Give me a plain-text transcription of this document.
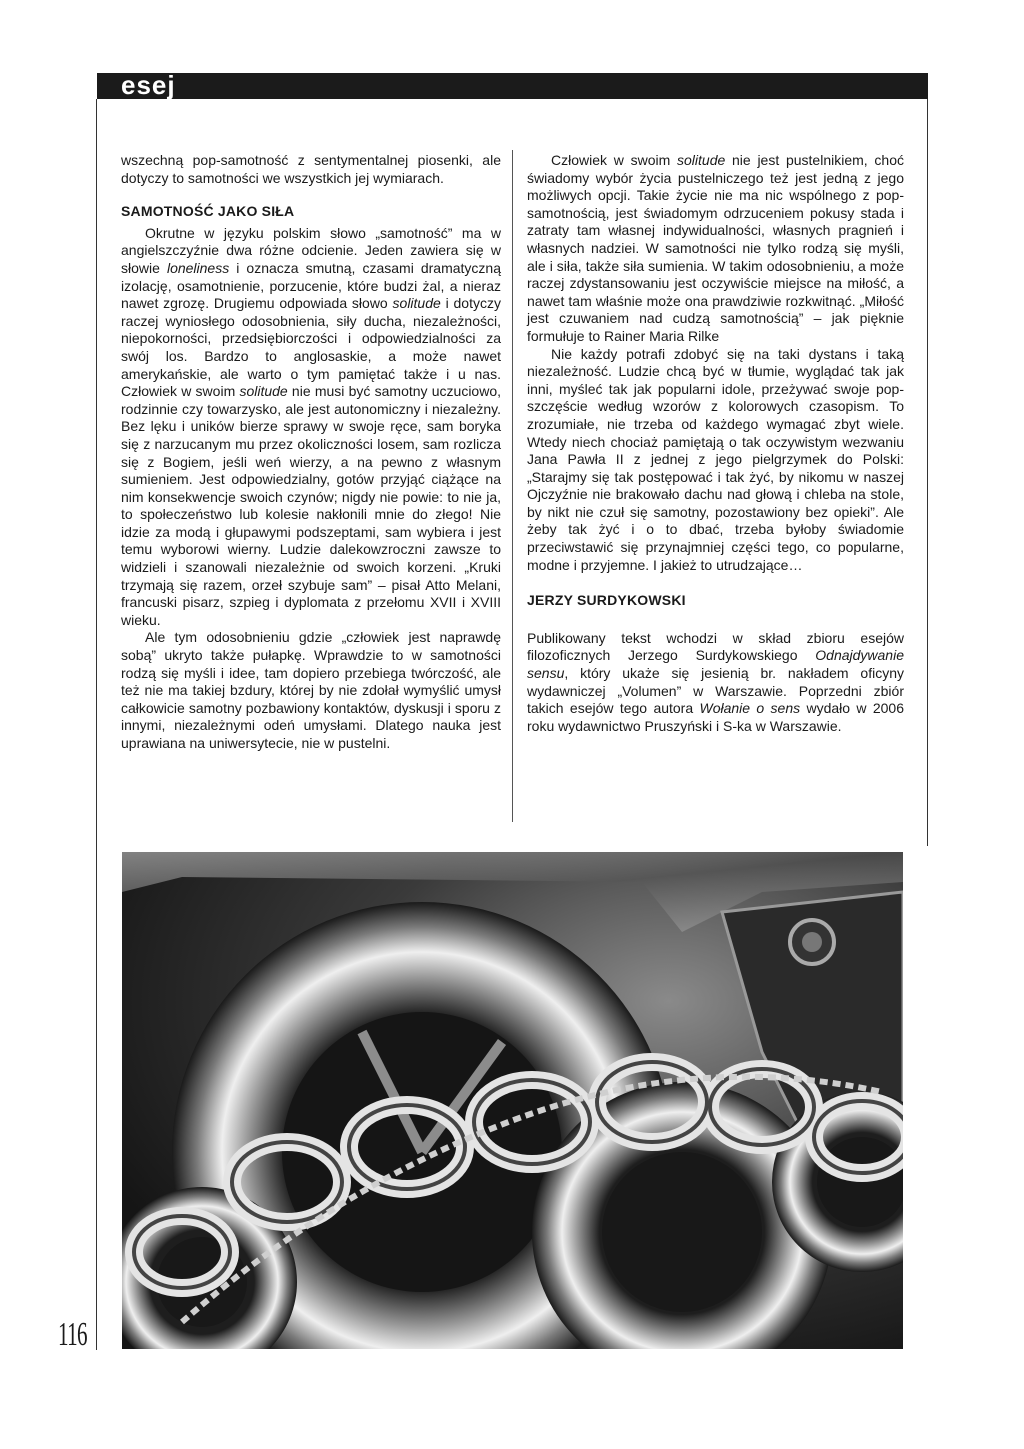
esej

wszechną pop-samotność z sentymentalnej piosenki, ale dotyczy to samotności we wszystkich jej wymiarach.

SAMOTNOŚĆ JAKO SIŁA

Okrutne w języku polskim słowo „samotność” ma w angielszczyźnie dwa różne odcienie. Jeden zawiera się w słowie loneliness i oznacza smutną, czasami dramatyczną izolację, osamotnienie, porzucenie, które budzi żal, a nieraz nawet zgrozę. Drugiemu odpowiada słowo solitude i dotyczy raczej wyniosłego odosobnienia, siły ducha, niezależności, niepokorności, przedsiębiorczości i odpowiedzialności za swój los. Bardzo to anglosaskie, a może nawet amerykańskie, ale warto o tym pamiętać także i u nas. Człowiek w swoim solitude nie musi być samotny uczuciowo, rodzinnie czy towarzysko, ale jest autonomiczny i niezależny. Bez lęku i uników bierze sprawy w swoje ręce, sam boryka się z narzucanym mu przez okoliczności losem, sam rozlicza się z Bogiem, jeśli weń wierzy, a na pewno z własnym sumieniem. Jest odpowiedzialny, gotów przyjąć ciążące na nim konsekwencje swoich czynów; nigdy nie powie: to nie ja, to społeczeństwo lub kolesie nakłonili mnie do złego! Nie idzie za modą i głupawymi podszeptami, sam wybiera i jest temu wyborowi wierny. Ludzie dalekowzroczni zawsze to widzieli i szanowali niezależnie od swoich korzeni. „Kruki trzymają się razem, orzeł szybuje sam” – pisał Atto Melani, francuski pisarz, szpieg i dyplomata z przełomu XVII i XVIII wieku.

Ale tym odosobnieniu gdzie „człowiek jest naprawdę sobą” ukryto także pułapkę. Wprawdzie to w samotności rodzą się myśli i idee, tam dopiero przebiega twórczość, ale też nie ma takiej bzdury, której by nie zdołał wymyślić umysł całkowicie samotny pozbawiony kontaktów, dyskusji i sporu z innymi, niezależnymi odeń umysłami. Dlatego nauka jest uprawiana na uniwersytecie, nie w pustelni.

Człowiek w swoim solitude nie jest pustelnikiem, choć świadomy wybór życia pustelniczego też jest jedną z jego możliwych opcji. Takie życie nie ma nic wspólnego z pop-samotnością, jest świadomym odrzuceniem pokusy stada i zatraty tam własnej indywidualności, własnych pragnień i własnych nadziei. W samotności nie tylko rodzą się myśli, ale i siła, także siła sumienia. W takim odosobnieniu, a może raczej zdystansowaniu jest oczywiście miejsce na miłość, a nawet tam właśnie może ona prawdziwie rozkwitnąć. „Miłość jest czuwaniem nad cudzą samotnością” – jak pięknie formułuje to Rainer Maria Rilke

Nie każdy potrafi zdobyć się na taki dystans i taką niezależność. Ludzie chcą być w tłumie, wyglądać tak jak inni, myśleć tak jak popularni idole, przeżywać swoje pop-szczęście według wzorów z kolorowych czasopism. To zrozumiałe, nie trzeba od każdego wymagać zbyt wiele. Wtedy niech chociaż pamiętają o tak oczywistym wezwaniu Jana Pawła II z jednej z jego pielgrzymek do Polski: „Starajmy się tak postępować i tak żyć, by nikomu w naszej Ojczyźnie nie brakowało dachu nad głową i chleba na stole, by nikt nie czuł się samotny, pozostawiony bez opieki”. Ale żeby tak żyć i o to dbać, trzeba byłoby świadomie przeciwstawić się przynajmniej części tego, co popularne, modne i przyjemne. I jakież to utrudzające…

JERZY SURDYKOWSKI

Publikowany tekst wchodzi w skład zbioru esejów filozoficznych Jerzego Surdykowskiego Odnajdywanie sensu, który ukaże się jesienią br. nakładem oficyny wydawniczej „Volumen” w Warszawie. Poprzedni zbiór takich esejów tego autora Wołanie o sens wydało w 2006 roku wydawnictwo Pruszyński i S-ka w Warszawie.

116
